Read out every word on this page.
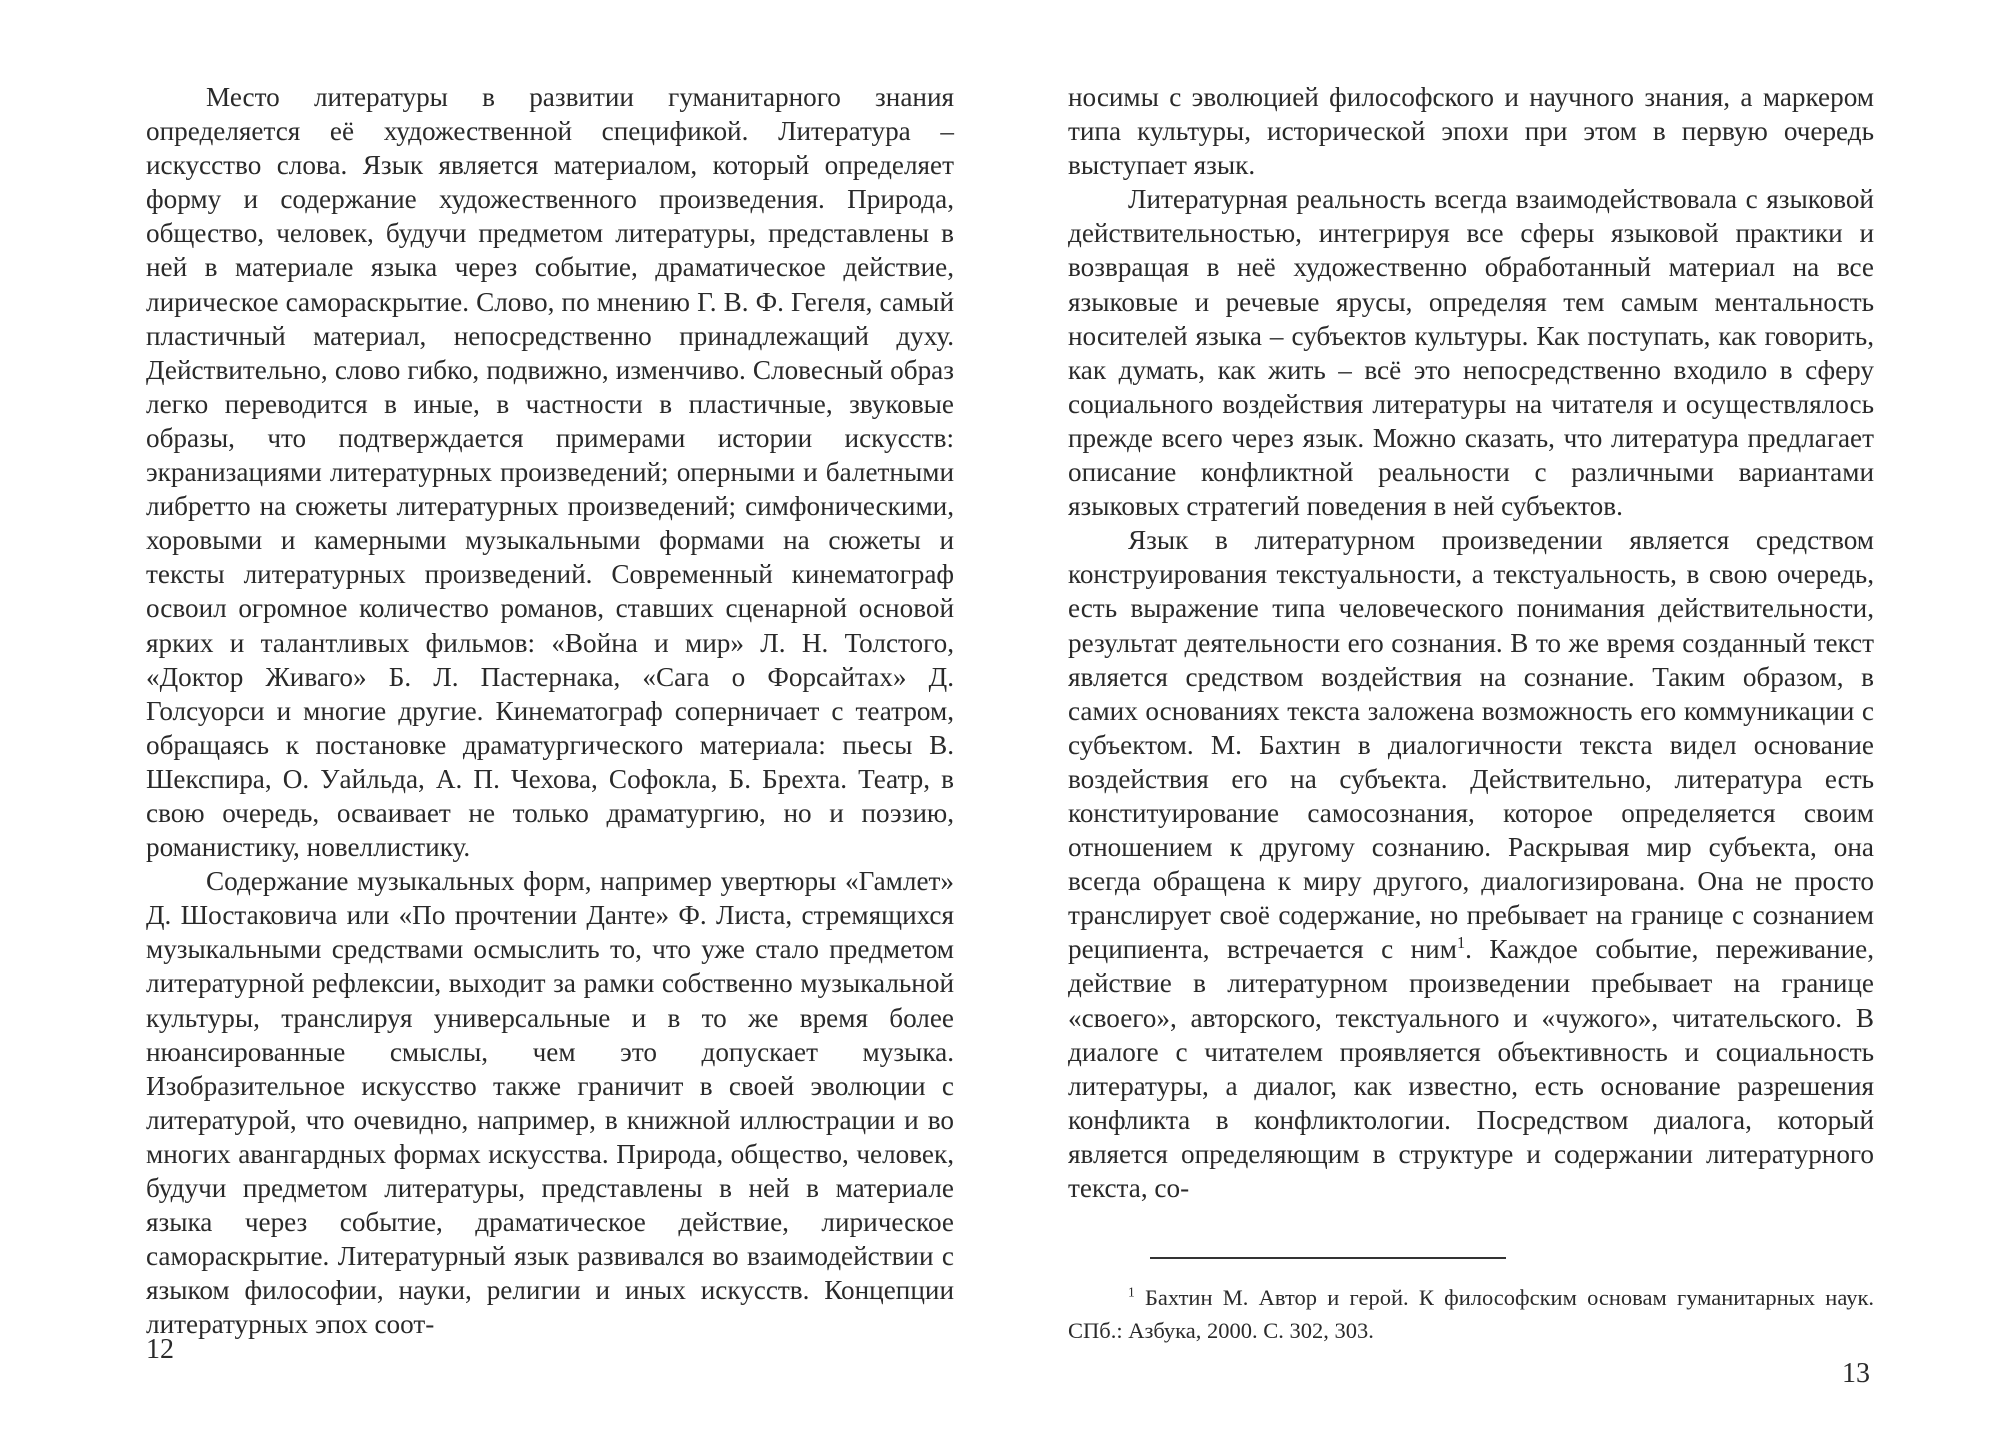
Место литературы в развитии гуманитарного знания определяется её художественной спецификой. Литература – искусство слова. Язык является материалом, который определяет форму и содержание художественного произведения. Природа, общество, человек, будучи предметом литературы, представлены в ней в материале языка через событие, драматическое действие, лирическое самораскрытие. Слово, по мнению Г. В. Ф. Гегеля, самый пластичный материал, непосредственно принадлежащий духу. Действительно, слово гибко, подвижно, изменчиво. Словесный образ легко переводится в иные, в частности в пластичные, звуковые образы, что подтверждается примерами истории искусств: экранизациями литературных произведений; оперными и балетными либретто на сюжеты литературных произведений; симфоническими, хоровыми и камерными музыкальными формами на сюжеты и тексты литературных произведений. Современный кинематограф освоил огромное количество романов, ставших сценарной основой ярких и талантливых фильмов: «Война и мир» Л. Н. Толстого, «Доктор Живаго» Б. Л. Пастернака, «Сага о Форсайтах» Д. Голсуорси и многие другие. Кинематограф соперничает с театром, обращаясь к постановке драматургического материала: пьесы В. Шекспира, О. Уайльда, А. П. Чехова, Софокла, Б. Брехта. Театр, в свою очередь, осваивает не только драматургию, но и поэзию, романистику, новеллистику.

Содержание музыкальных форм, например увертюры «Гамлет» Д. Шостаковича или «По прочтении Данте» Ф. Листа, стремящихся музыкальными средствами осмыслить то, что уже стало предметом литературной рефлексии, выходит за рамки собственно музыкальной культуры, транслируя универсальные и в то же время более нюансированные смыслы, чем это допускает музыка. Изобразительное искусство также граничит в своей эволюции с литературой, что очевидно, например, в книжной иллюстрации и во многих авангардных формах искусства. Природа, общество, человек, будучи предметом литературы, представлены в ней в материале языка через событие, драматическое действие, лирическое самораскрытие. Литературный язык развивался во взаимодействии с языком философии, науки, религии и иных искусств. Концепции литературных эпох соот-

12

носимы с эволюцией философского и научного знания, а маркером типа культуры, исторической эпохи при этом в первую очередь выступает язык.

Литературная реальность всегда взаимодействовала с языковой действительностью, интегрируя все сферы языковой практики и возвращая в неё художественно обработанный материал на все языковые и речевые ярусы, определяя тем самым ментальность носителей языка – субъектов культуры. Как поступать, как говорить, как думать, как жить – всё это непосредственно входило в сферу социального воздействия литературы на читателя и осуществлялось прежде всего через язык. Можно сказать, что литература предлагает описание конфликтной реальности с различными вариантами языковых стратегий поведения в ней субъектов.

Язык в литературном произведении является средством конструирования текстуальности, а текстуальность, в свою очередь, есть выражение типа человеческого понимания действительности, результат деятельности его сознания. В то же время созданный текст является средством воздействия на сознание. Таким образом, в самих основаниях текста заложена возможность его коммуникации с субъектом. М. Бахтин в диалогичности текста видел основание воздействия его на субъекта. Действительно, литература есть конституирование самосознания, которое определяется своим отношением к другому сознанию. Раскрывая мир субъекта, она всегда обращена к миру другого, диалогизирована. Она не просто транслирует своё содержание, но пребывает на границе с сознанием реципиента, встречается с ним$^1$. Каждое событие, переживание, действие в литературном произведении пребывает на границе «своего», авторского, текстуального и «чужого», читательского. В диалоге с читателем проявляется объективность и социальность литературы, а диалог, как известно, есть основание разрешения конфликта в конфликтологии. Посредством диалога, который является определяющим в структуре и содержании литературного текста, со-

$^1$ Бахтин М. Автор и герой. К философским основам гуманитарных наук. СПб.: Азбука, 2000. С. 302, 303.

13
